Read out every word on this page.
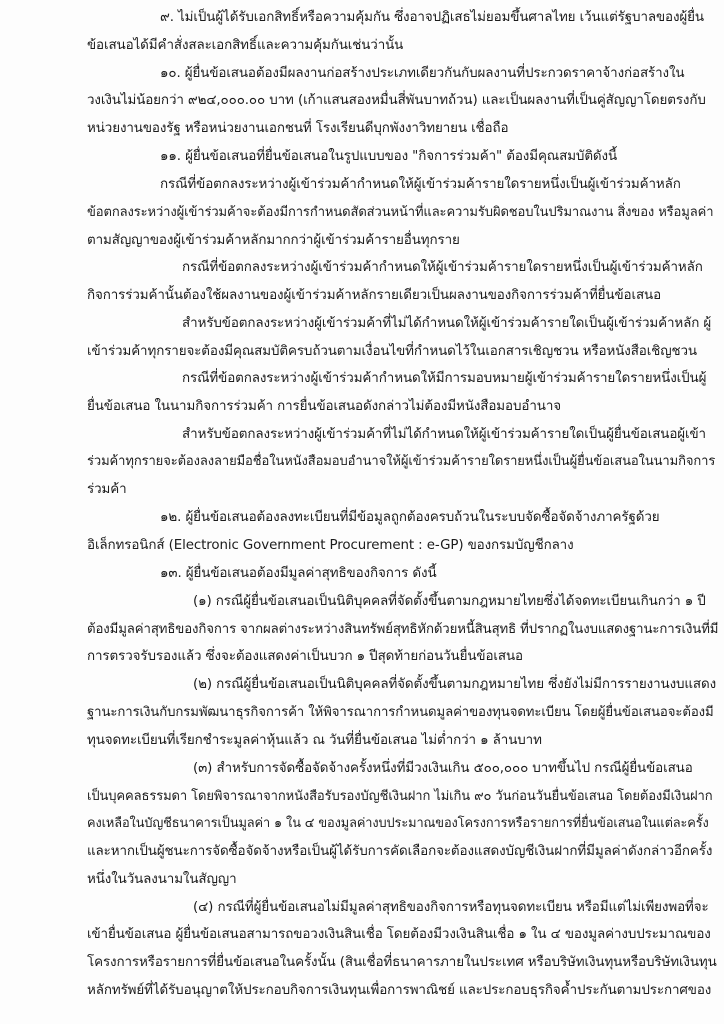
๙. ไม่เป็นผู้ได้รับเอกสิทธิ์หรือความคุ้มกัน ซึ่งอาจปฏิเสธไม่ยอมขึ้นศาลไทย เว้นแต่รัฐบาลของผู้ยื่น
ข้อเสนอได้มีคำสั่งสละเอกสิทธิ์และความคุ้มกันเช่นว่านั้น
๑๐. ผู้ยื่นข้อเสนอต้องมีผลงานก่อสร้างประเภทเดียวกันกับผลงานที่ประกวดราคาจ้างก่อสร้างใน
วงเงินไม่น้อยกว่า ๙๒๔,๐๐๐.๐๐ บาท (เก้าแสนสองหมื่นสี่พันบาทถ้วน) และเป็นผลงานที่เป็นคู่สัญญาโดยตรงกับ
หน่วยงานของรัฐ หรือหน่วยงานเอกชนที่ โรงเรียนดีบุกพังงาวิทยายน เชื่อถือ
๑๑. ผู้ยื่นข้อเสนอที่ยื่นข้อเสนอในรูปแบบของ "กิจการร่วมค้า" ต้องมีคุณสมบัติดังนี้
กรณีที่ข้อตกลงระหว่างผู้เข้าร่วมค้ากำหนดให้ผู้เข้าร่วมค้ารายใดรายหนึ่งเป็นผู้เข้าร่วมค้าหลัก
ข้อตกลงระหว่างผู้เข้าร่วมค้าจะต้องมีการกำหนดสัดส่วนหน้าที่และความรับผิดชอบในปริมาณงาน สิ่งของ หรือมูลค่า
ตามสัญญาของผู้เข้าร่วมค้าหลักมากกว่าผู้เข้าร่วมค้ารายอื่นทุกราย
กรณีที่ข้อตกลงระหว่างผู้เข้าร่วมค้ากำหนดให้ผู้เข้าร่วมค้ารายใดรายหนึ่งเป็นผู้เข้าร่วมค้าหลัก
กิจการร่วมค้านั้นต้องใช้ผลงานของผู้เข้าร่วมค้าหลักรายเดียวเป็นผลงานของกิจการร่วมค้าที่ยื่นข้อเสนอ
สำหรับข้อตกลงระหว่างผู้เข้าร่วมค้าที่ไม่ได้กำหนดให้ผู้เข้าร่วมค้ารายใดเป็นผู้เข้าร่วมค้าหลัก ผู้
เข้าร่วมค้าทุกรายจะต้องมีคุณสมบัติครบถ้วนตามเงื่อนไขที่กำหนดไว้ในเอกสารเชิญชวน หรือหนังสือเชิญชวน
กรณีที่ข้อตกลงระหว่างผู้เข้าร่วมค้ากำหนดให้มีการมอบหมายผู้เข้าร่วมค้ารายใดรายหนึ่งเป็นผู้
ยื่นข้อเสนอ ในนามกิจการร่วมค้า การยื่นข้อเสนอดังกล่าวไม่ต้องมีหนังสือมอบอำนาจ
สำหรับข้อตกลงระหว่างผู้เข้าร่วมค้าที่ไม่ได้กำหนดให้ผู้เข้าร่วมค้ารายใดเป็นผู้ยื่นข้อเสนอผู้เข้า
ร่วมค้าทุกรายจะต้องลงลายมือชื่อในหนังสือมอบอำนาจให้ผู้เข้าร่วมค้ารายใดรายหนึ่งเป็นผู้ยื่นข้อเสนอในนามกิจการ
ร่วมค้า
๑๒. ผู้ยื่นข้อเสนอต้องลงทะเบียนที่มีข้อมูลถูกต้องครบถ้วนในระบบจัดซื้อจัดจ้างภาครัฐด้วย
อิเล็กทรอนิกส์ (Electronic Government Procurement : e-GP) ของกรมบัญชีกลาง
๑๓. ผู้ยื่นข้อเสนอต้องมีมูลค่าสุทธิของกิจการ ดังนี้
(๑) กรณีผู้ยื่นข้อเสนอเป็นนิติบุคคลที่จัดตั้งขึ้นตามกฎหมายไทยซึ่งได้จดทะเบียนเกินกว่า ๑ ปี
ต้องมีมูลค่าสุทธิของกิจการ จากผลต่างระหว่างสินทรัพย์สุทธิหักด้วยหนี้สินสุทธิ ที่ปรากฏในงบแสดงฐานะการเงินที่มี
การตรวจรับรองแล้ว ซึ่งจะต้องแสดงค่าเป็นบวก ๑ ปีสุดท้ายก่อนวันยื่นข้อเสนอ
(๒) กรณีผู้ยื่นข้อเสนอเป็นนิติบุคคลที่จัดตั้งขึ้นตามกฎหมายไทย ซึ่งยังไม่มีการรายงานงบแสดง
ฐานะการเงินกับกรมพัฒนาธุรกิจการค้า ให้พิจารณาการกำหนดมูลค่าของทุนจดทะเบียน โดยผู้ยื่นข้อเสนอจะต้องมี
ทุนจดทะเบียนที่เรียกชำระมูลค่าหุ้นแล้ว ณ วันที่ยื่นข้อเสนอ ไม่ต่ำกว่า ๑ ล้านบาท
(๓) สำหรับการจัดซื้อจัดจ้างครั้งหนึ่งที่มีวงเงินเกิน ๕๐๐,๐๐๐ บาทขึ้นไป กรณีผู้ยื่นข้อเสนอ
เป็นบุคคลธรรมดา โดยพิจารณาจากหนังสือรับรองบัญชีเงินฝาก ไม่เกิน ๙๐ วันก่อนวันยื่นข้อเสนอ โดยต้องมีเงินฝาก
คงเหลือในบัญชีธนาคารเป็นมูลค่า ๑ ใน ๔ ของมูลค่างบประมาณของโครงการหรือรายการที่ยื่นข้อเสนอในแต่ละครั้ง
และหากเป็นผู้ชนะการจัดซื้อจัดจ้างหรือเป็นผู้ได้รับการคัดเลือกจะต้องแสดงบัญชีเงินฝากที่มีมูลค่าดังกล่าวอีกครั้ง
หนึ่งในวันลงนามในสัญญา
(๔) กรณีที่ผู้ยื่นข้อเสนอไม่มีมูลค่าสุทธิของกิจการหรือทุนจดทะเบียน หรือมีแต่ไม่เพียงพอที่จะ
เข้ายื่นข้อเสนอ ผู้ยื่นข้อเสนอสามารถขอวงเงินสินเชื่อ โดยต้องมีวงเงินสินเชื่อ ๑ ใน ๔ ของมูลค่างบประมาณของ
โครงการหรือรายการที่ยื่นข้อเสนอในครั้งนั้น (สินเชื่อที่ธนาคารภายในประเทศ หรือบริษัทเงินทุนหรือบริษัทเงินทุน
หลักทรัพย์ที่ได้รับอนุญาตให้ประกอบกิจการเงินทุนเพื่อการพาณิชย์ และประกอบธุรกิจค้ำประกันตามประกาศของ
